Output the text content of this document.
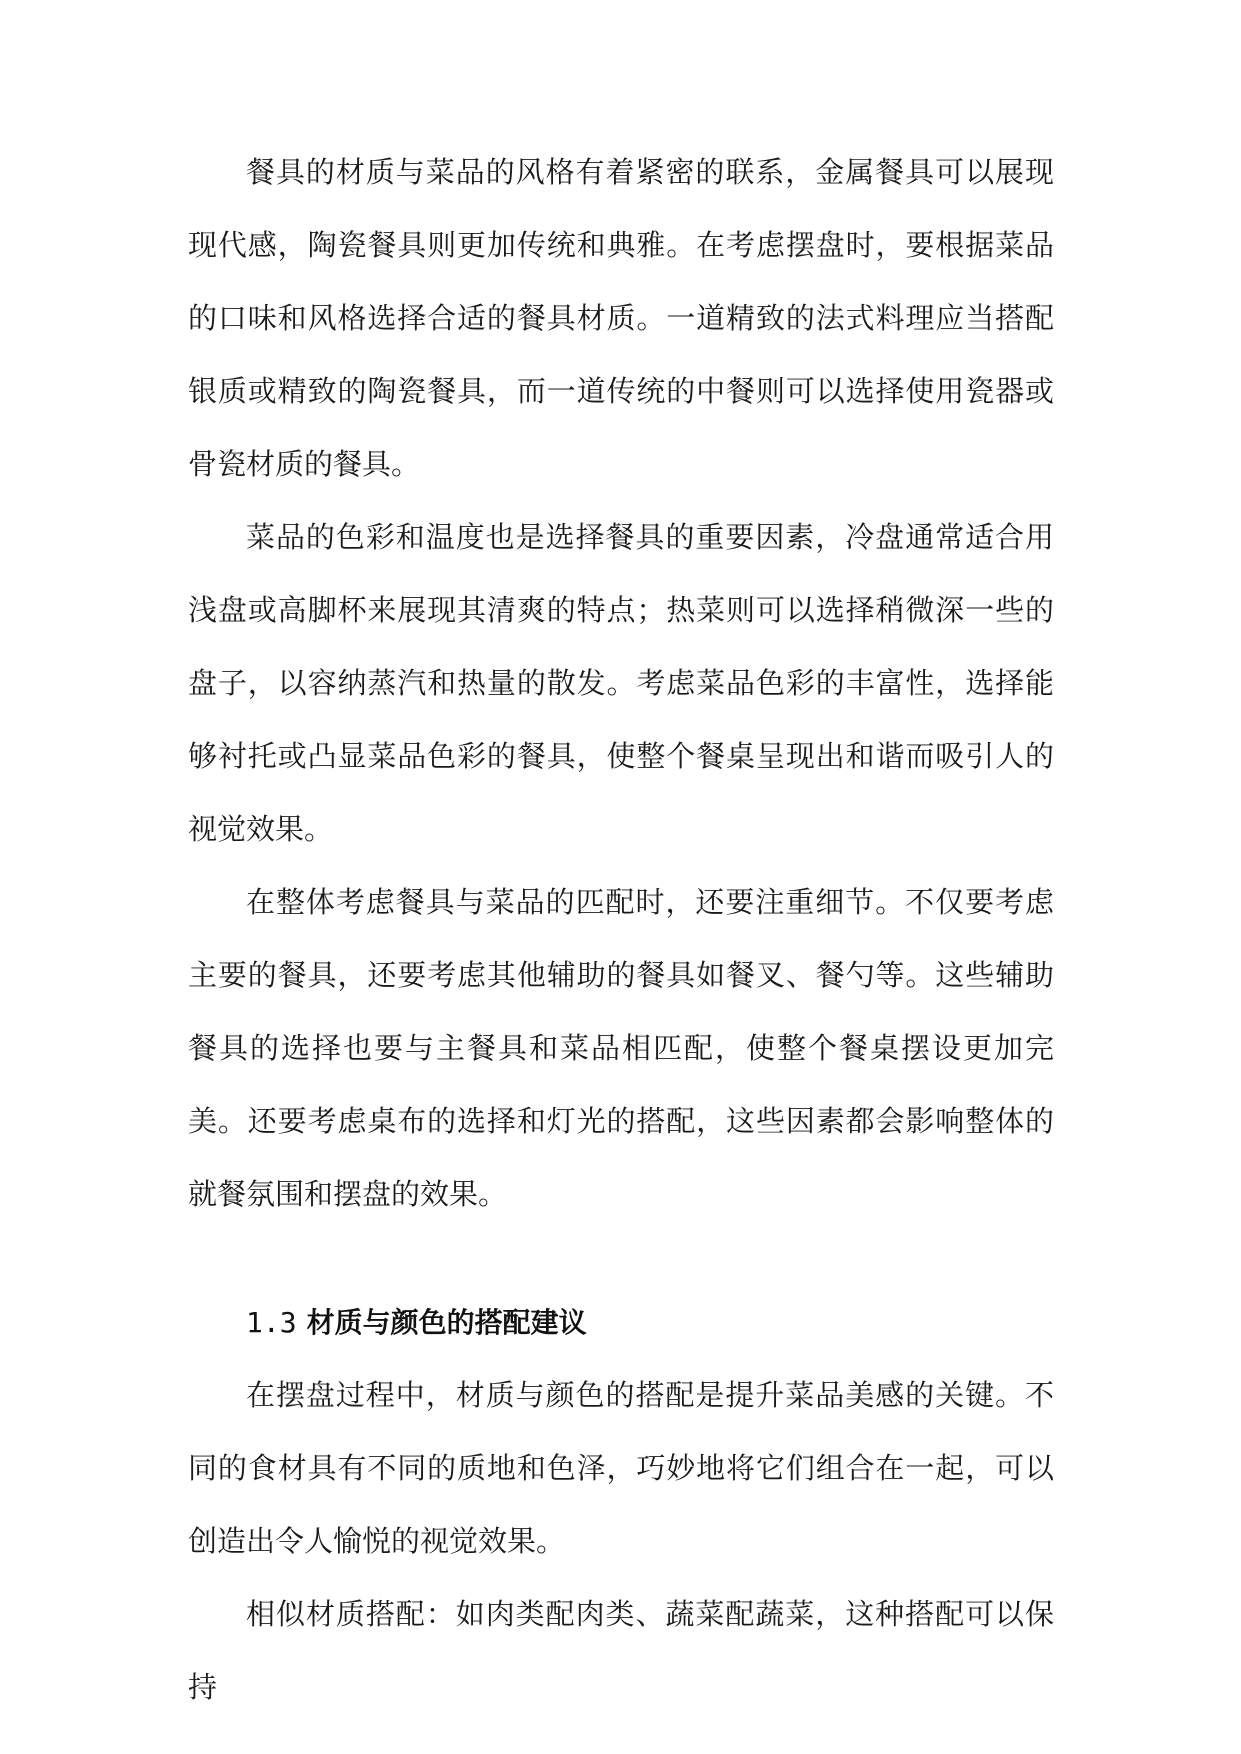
餐具的材质与菜品的风格有着紧密的联系，金属餐具可以展现现代感，陶瓷餐具则更加传统和典雅。在考虑摆盘时，要根据菜品的口味和风格选择合适的餐具材质。一道精致的法式料理应当搭配银质或精致的陶瓷餐具，而一道传统的中餐则可以选择使用瓷器或骨瓷材质的餐具。

菜品的色彩和温度也是选择餐具的重要因素，冷盘通常适合用浅盘或高脚杯来展现其清爽的特点；热菜则可以选择稍微深一些的盘子，以容纳蒸汽和热量的散发。考虑菜品色彩的丰富性，选择能够衬托或凸显菜品色彩的餐具，使整个餐桌呈现出和谐而吸引人的视觉效果。

在整体考虑餐具与菜品的匹配时，还要注重细节。不仅要考虑主要的餐具，还要考虑其他辅助的餐具如餐叉、餐勺等。这些辅助餐具的选择也要与主餐具和菜品相匹配，使整个餐桌摆设更加完美。还要考虑桌布的选择和灯光的搭配，这些因素都会影响整体的就餐氛围和摆盘的效果。

1.3 材质与颜色的搭配建议

在摆盘过程中，材质与颜色的搭配是提升菜品美感的关键。不同的食材具有不同的质地和色泽，巧妙地将它们组合在一起，可以创造出令人愉悦的视觉效果。

相似材质搭配：如肉类配肉类、蔬菜配蔬菜，这种搭配可以保持
